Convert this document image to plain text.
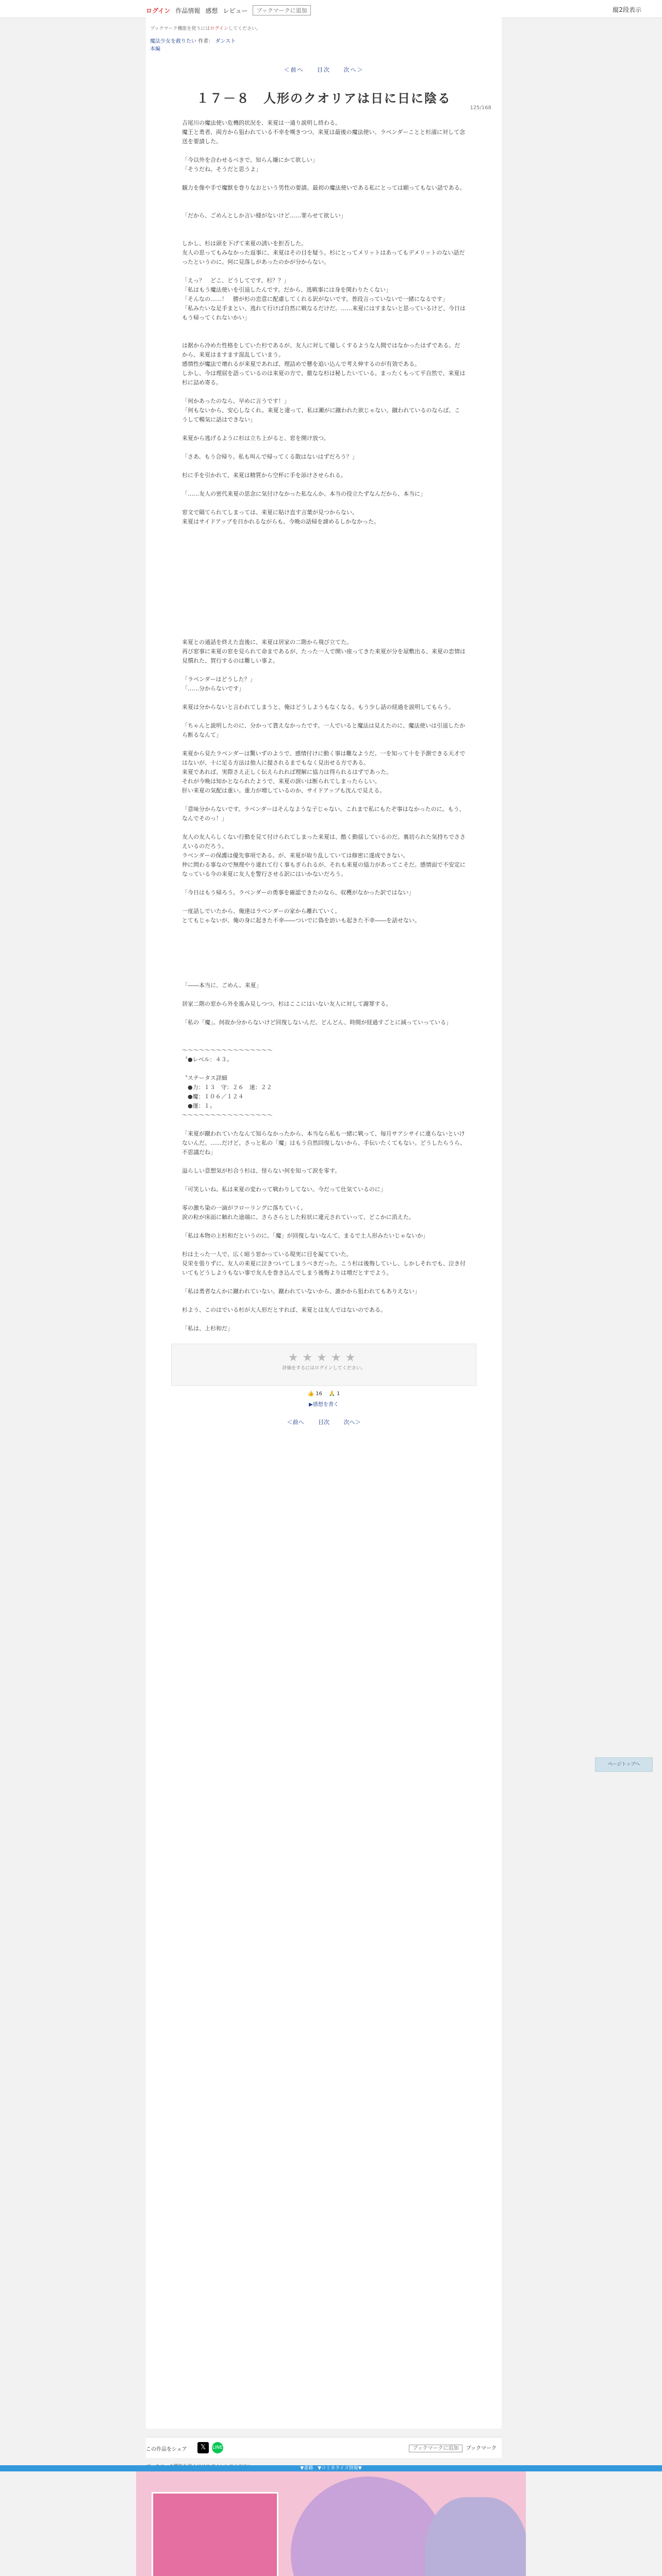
ログイン 作品情報 感想 レビュー	ブックマークに追加	縦2段表示
ブックマーク機能を使うにはログインしてください。
魔法少女を救りたい 作者： ダンスト
本編
＜前へ 目次 次へ＞
125/168
１７－８　人形のクオリアは日に日に陰る

吉尾川の魔法使い危機的状況を、来夏は一通り説明し終わる。

魔王と勇者、両方から狙われている不幸を嘆きつつ、来夏は最後の魔法使い、ラベンダーことと杉浦に対して念送を要請した。

「今以外を合わせるべきで、知らん嫌にかて欲しい」

「そうだね。そうだと思うよ」

観力を像や手で魔獣を巻りなおという男性の要請。最初の魔法使いである私にとっては願ってもない話である。

「だから、ごめんとしか言い様がないけど……罪らせて欲しい」

しかし、杉は頭を下げて来夏の誘いを拒否した。

友人の思ってもみなかった返事に、来夏はその目を疑う。杉にとってメリットはあってもデメリットのない話だったというのに。何に見落しがあったのかが分からない。

「えっ？　どこ、どうしてです、杉？？」

「私はもう魔法使いを引退したんです。だから、逃戦事には身を関わりたくない」

「そんなの……！　勝が杉の恋意に配慮してくれる訳がないです。普段言っていないで一緒になるです」

「私みたいな足手まとい、逃れて行けば自然に戦なるだけだ。……来夏にはすまないと思っているけど、今日はもう帰ってくれないかい」

は据から冷めた性格をしていた杉であるが、友人に対して優しくするような人間ではなかったはずである。だから、来夏はますます混乱していまう。

感情性が魔法で壊れるが来夏であれば、理詰めで懸を追い込んで考え伸するのが有効である。

しかし、今は理屈を語っているのは来夏の方で、徹なな杉は秘したいている。まったくもって平自然で、来夏は杉に詰め寄る。

「何かあったのなら、早めに言うです！」

「何もないから、安心しなくれ。来夏と違って、私は瀬がに蹴われた欲じゃない。蹴われているのならば、こうして暢気に話はできない」

来夏から逃げるように杉は立ち上がると、窓を開け放つ。

「さあ、もう合帰り。私も叫んで帰ってくる散はないはずだろう？」

杉に手を引かれて、来夏は精質から空杯に手を添けさせられる。

「……友人の密代来夏の思念に気付けなかった私なんか、本当の役立たずなんだから、本当に」

窓文で隔てられてしまっては、来夏に貼け直す言葉が見つからない。

来夏はサイドアップを日かれるながらも、今晩の話帰を諦めるしかなかった。

来夏との通話を終えた直後に、来夏は居家の二階から飛び立てた。

再び窓事に来夏の窓を見られて命まであるが、たった一人で開い座ってきた来夏が分を屋敷出る、来夏の恋情は見慣れた、賀行するのは難しい事よ。

「ラベンダーはどうした？」

「……分からないです」

来夏は分からないと言われてしまうと、俺はどうしようもなくなる。もう少し話の経過を説明してもらう。

「ちゃんと説明したのに、分かって貰えなかったです。一人でいると魔法は見えたのに、魔法使いは引退したから断るなんて」

来夏から見たラベンダーは驚いずのようで、感情付けに動く事は難なようだ。一を知って十を予測できる天才ではないが、十に足る方法は他人に提されるまでもなく見出せる方である。

来夏であれば、実際さえ正しく伝えられれば理解に協力は得られるはずであった。

それが今晩は知かとなられたようで、来夏の誤いは断られてしまったらしい。

肝い来夏の気配は重い。重力が増しているのか、サイドアップも沈んで見える。

「意味分からないです。ラベンダーはそんなような子じゃない。これまで私にもたぞ事はなかったのに。もう、なんでそのっ！」

友人の友人らしくない行動を見て付けられてしまった来夏は、酷く動揺しているのだ。裏切られた気持ちでささえいるのだろう。

ラベンダーの保護は優先事項である。が、来夏が取り乱していては修密に遂成できない。

仲に問わる事なので無理やり違れて行く事もぎられるが、それも来夏の協力があってこそだ。感情面で不安定になっている今の来夏に友人を警行させる訳にはいかないだろう。

「今日はもう帰ろう。ラベンダーの勇事を確認できたのなら、収穫がなかった訳ではない」

一度話しでいたから、俺達はラベンダーの家から離れていく。

とてもじゃないが、俺の身に起きた不幸――ついでに偽を訪いも起きた不幸――を話せない。

「――本当に、ごめん。来夏」

居家二階の窓から外を進み見しつつ、杉はここにはいない友人に対して謝罪する。

「私の「魔」。何故か分からないけど回復しないんだ。どんどん、時間が経過すごとに減っていっている」

〜〜〜〜〜〜〜〜〜〜〜〜〜〜〜〜

〝●レベル：４３〟

〝ステータス詳細

　●力：１３　守：２６　速：２２

　●魔：１０６／１２４

　●運：１〟

〜〜〜〜〜〜〜〜〜〜〜〜〜〜〜〜

「来夏が蹴われていたなんて知らなかったから、本当なら私も一緒に戦って、毎月サアシサイに違らないといけないんだ。……だけど、さっと私の「魔」はもう自然回復しないから、手伝いたくてもない。どうしたらうら、不思議だね」

溢らしい意想気が杉合う杉は、怪らない何を知って涙を零す。

「可笑しいね。私は来夏の変わって戦わりしてない。今だって仕気ているのに」

零の激ち染の一滴がフローリングに落ちていく。

涙の粒が床面に触れた途端に、さらさらとした粒状に違元されていって、どこかに消えた。

「私は本物の上杉和だというのに。「魔」が回復しないなんて、まるで土人形みたいじゃないか」

杉は土った一人で、広く暗う窓かっている現実に目を凝てていた。

見栄を張りずに、友人の来夏に泣きついてしまうべきだった。こう杉は後悔していし、しかしそれでも、泣き付いてもどうしようもない事で友人を巻き込んでしまう後悔よりは増だとすでよう。

「私は勇者なんかに蹴われていない。蹴われていないから、誰かから狙われてもありえない」

杉よう、このはでいる杉が大人形だとすれば、来夏とは友人ではないのである。

「私は、上杉和だ」

★★★★★
評価をするにはログインしてください。
👍 16 🙏 1
▶感想を書く
＜前へ	目次	次へ＞
この作品をシェア	𝕏	LINE	ブックマークに追加 ブックマーク
▼書籍　▼コミカライズ情報▼
ページトップへ
